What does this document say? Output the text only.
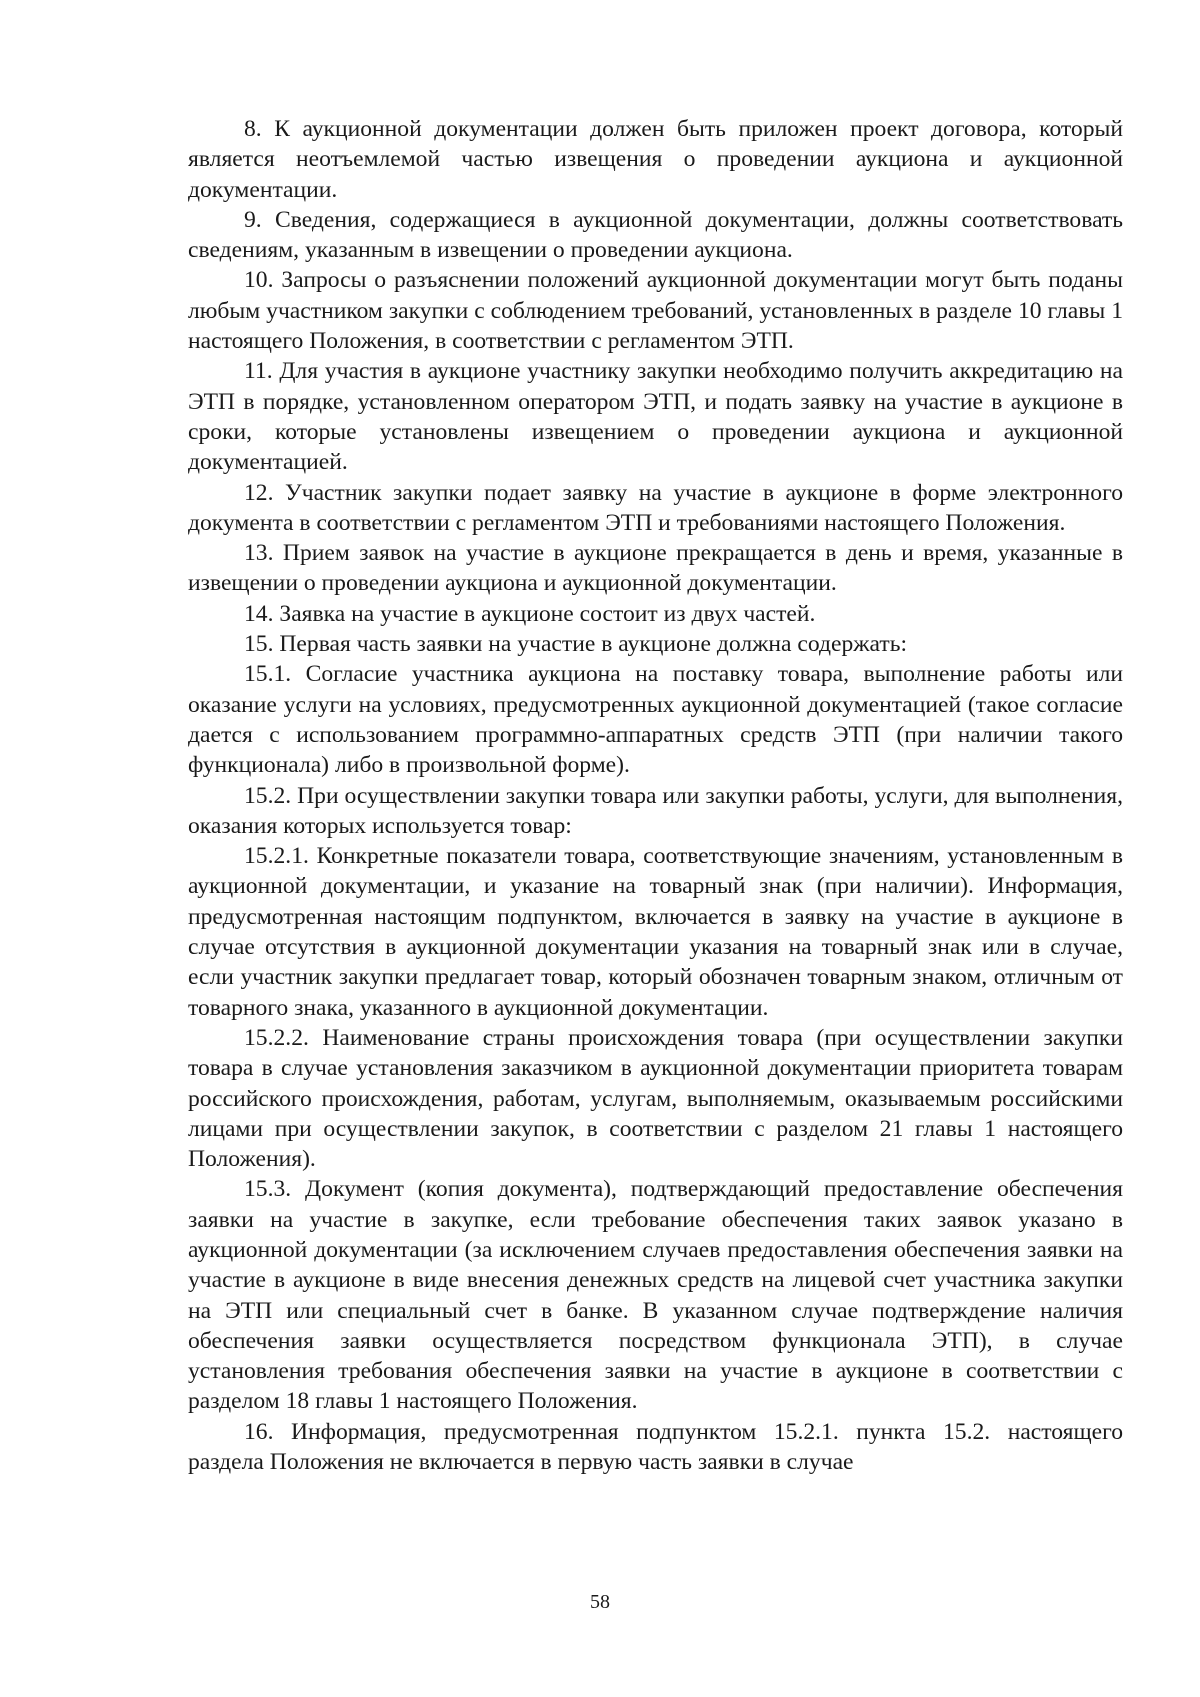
8. К аукционной документации должен быть приложен проект договора, который является неотъемлемой частью извещения о проведении аукциона и аукционной документации.

9. Сведения, содержащиеся в аукционной документации, должны соответствовать сведениям, указанным в извещении о проведении аукциона.

10. Запросы о разъяснении положений аукционной документации могут быть поданы любым участником закупки с соблюдением требований, установленных в разделе 10 главы 1 настоящего Положения, в соответствии с регламентом ЭТП.

11. Для участия в аукционе участнику закупки необходимо получить аккредитацию на ЭТП в порядке, установленном оператором ЭТП, и подать заявку на участие в аукционе в сроки, которые установлены извещением о проведении аукциона и аукционной документацией.

12. Участник закупки подает заявку на участие в аукционе в форме электронного документа в соответствии с регламентом ЭТП и требованиями настоящего Положения.

13. Прием заявок на участие в аукционе прекращается в день и время, указанные в извещении о проведении аукциона и аукционной документации.

14. Заявка на участие в аукционе состоит из двух частей.

15. Первая часть заявки на участие в аукционе должна содержать:

15.1. Согласие участника аукциона на поставку товара, выполнение работы или оказание услуги на условиях, предусмотренных аукционной документацией (такое согласие дается с использованием программно-аппаратных средств ЭТП (при наличии такого функционала) либо в произвольной форме).

15.2. При осуществлении закупки товара или закупки работы, услуги, для выполнения, оказания которых используется товар:

15.2.1. Конкретные показатели товара, соответствующие значениям, установленным в аукционной документации, и указание на товарный знак (при наличии). Информация, предусмотренная настоящим подпунктом, включается в заявку на участие в аукционе в случае отсутствия в аукционной документации указания на товарный знак или в случае, если участник закупки предлагает товар, который обозначен товарным знаком, отличным от товарного знака, указанного в аукционной документации.

15.2.2. Наименование страны происхождения товара (при осуществлении закупки товара в случае установления заказчиком в аукционной документации приоритета товарам российского происхождения, работам, услугам, выполняемым, оказываемым российскими лицами при осуществлении закупок, в соответствии с разделом 21 главы 1 настоящего Положения).

15.3. Документ (копия документа), подтверждающий предоставление обеспечения заявки на участие в закупке, если требование обеспечения таких заявок указано в аукционной документации (за исключением случаев предоставления обеспечения заявки на участие в аукционе в виде внесения денежных средств на лицевой счет участника закупки на ЭТП или специальный счет в банке. В указанном случае подтверждение наличия обеспечения заявки осуществляется посредством функционала ЭТП), в случае установления требования обеспечения заявки на участие в аукционе в соответствии с разделом 18 главы 1 настоящего Положения.

16. Информация, предусмотренная подпунктом 15.2.1. пункта 15.2. настоящего раздела Положения не включается в первую часть заявки в случае

58
